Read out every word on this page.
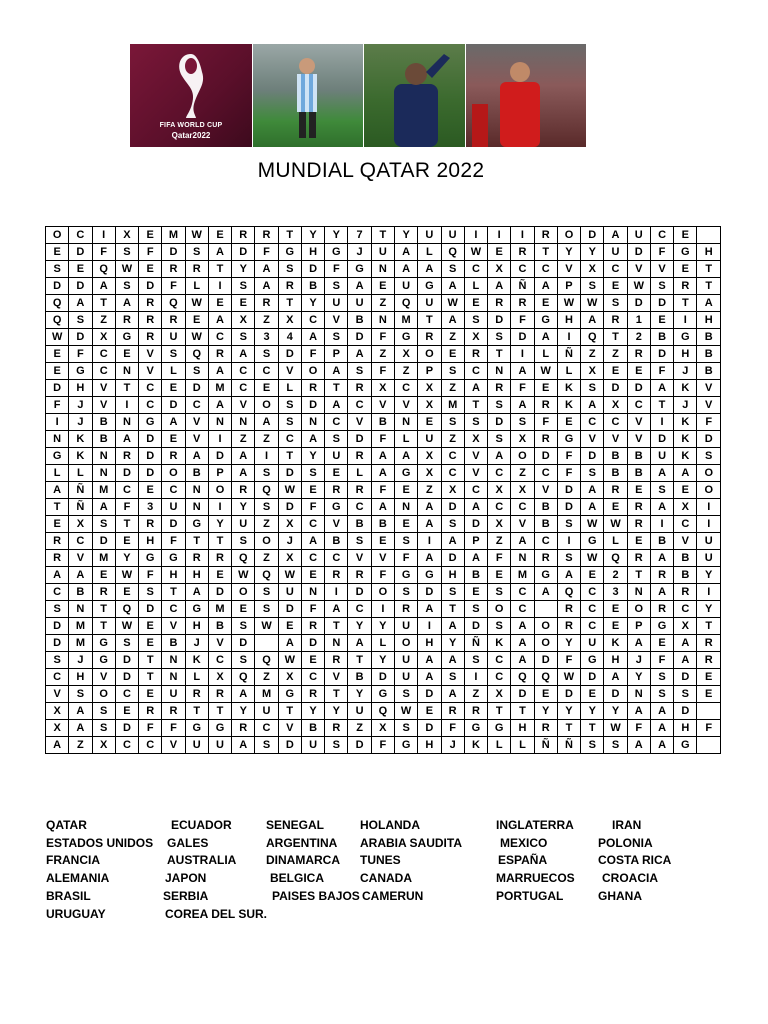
FIFA WORLD CUP
Qatar2022
MUNDIAL QATAR 2022
O	C	I	X	E	M	W	E	R	R	T	Y	Y	7	T	Y	U	U	I	I	I	R	O	D	A	U	C	E	
E	D	F	S	F	D	S	A	D	F	G	H	G	J	U	A	L	Q	W	E	R	T	Y	Y	U	D	F	G	H
S	E	Q	W	E	R	R	T	Y	A	S	D	F	G	N	A	A	S	C	X	C	C	V	X	C	V	V	E	T
D	D	A	S	D	F	L	I	S	A	R	B	S	A	E	U	G	A	L	A	Ñ	A	P	S	E	W	S	R	T
Q	A	T	A	R	Q	W	E	E	R	T	Y	U	U	Z	Q	U	W	E	R	R	E	W	W	S	D	D	T	A
Q	S	Z	R	R	R	E	A	X	Z	X	C	V	B	N	M	T	A	S	D	F	G	H	A	R	1	E	I	H
W	D	X	G	R	U	W	C	S	3	4	A	S	D	F	G	R	Z	X	S	D	A	I	Q	T	2	B	G	B
E	F	C	E	V	S	Q	R	A	S	D	F	P	A	Z	X	O	E	R	T	I	L	Ñ	Z	Z	R	D	H	B
E	G	C	N	V	L	S	A	C	C	V	O	A	S	F	Z	P	S	C	N	A	W	L	X	E	E	F	J	B
D	H	V	T	C	E	D	M	C	E	L	R	T	R	X	C	X	Z	A	R	F	E	K	S	D	D	A	K	V
F	J	V	I	C	D	C	A	V	O	S	D	A	C	V	V	X	M	T	S	A	R	K	A	X	C	T	J	V
I	J	B	N	G	A	V	N	N	A	S	N	C	V	B	N	E	S	S	D	S	F	E	C	C	V	I	K	F
N	K	B	A	D	E	V	I	Z	Z	C	A	S	D	F	L	U	Z	X	S	X	R	G	V	V	V	D	K	D
G	K	N	R	D	R	A	D	A	I	T	Y	U	R	A	A	X	C	V	A	O	D	F	D	B	B	U	K	S
L	L	N	D	D	O	B	P	A	S	D	S	E	L	A	G	X	C	V	C	Z	C	F	S	B	B	A	A	O
A	Ñ	M	C	E	C	N	O	R	Q	W	E	R	R	F	E	Z	X	C	X	X	V	D	A	R	E	S	E	O
T	Ñ	A	F	3	U	N	I	Y	S	D	F	G	C	A	N	A	D	A	C	C	B	D	A	E	R	A	X	I
E	X	S	T	R	D	G	Y	U	Z	X	C	V	B	B	E	A	S	D	X	V	B	S	W	W	R	I	C	I
R	C	D	E	H	F	T	T	S	O	J	A	B	S	E	S	I	A	P	Z	A	C	I	G	L	E	B	V	U
R	V	M	Y	G	G	R	R	Q	Z	X	C	C	V	V	F	A	D	A	F	N	R	S	W	Q	R	A	B	U
A	A	E	W	F	H	H	E	W	Q	W	E	R	R	F	G	G	H	B	E	M	G	A	E	2	T	R	B	Y
C	B	R	E	S	T	A	D	O	S	U	N	I	D	O	S	D	S	E	S	C	A	Q	C	3	N	A	R	I
S	N	T	Q	D	C	G	M	E	S	D	F	A	C	I	R	A	T	S	O	C		R	C	E	O	R	C	Y
D	M	T	W	E	V	H	B	S	W	E	R	T	Y	Y	U	I	A	D	S	A	O	R	C	E	P	G	X	T
D	M	G	S	E	B	J	V	D		A	D	N	A	L	O	H	Y	Ñ	K	A	O	Y	U	K	A	E	A	R
S	J	G	D	T	N	K	C	S	Q	W	E	R	T	Y	U	A	A	S	C	A	D	F	G	H	J	F	A	R
C	H	V	D	T	N	L	X	Q	Z	X	C	V	B	D	U	A	S	I	C	Q	Q	W	D	A	Y	S	D	E
V	S	O	C	E	U	R	R	A	M	G	R	T	Y	G	S	D	A	Z	X	D	E	D	E	D	N	S	S	E
X	A	S	E	R	R	T	T	Y	U	T	Y	Y	U	Q	W	E	R	R	T	T	Y	Y	Y	Y	A	A	D	
X	A	S	D	F	F	G	G	R	C	V	B	R	Z	X	S	D	F	G	G	H	R	T	T	W	F	A	H	F
A	Z	X	C	C	V	U	U	A	S	D	U	S	D	F	G	H	J	K	L	L	Ñ	Ñ	S	S	A	A	G	
QATAR
ESTADOS UNIDOS
FRANCIA
ALEMANIA
BRASIL
URUGUAY
ECUADOR
GALES
AUSTRALIA
JAPON
SERBIA
COREA DEL SUR.
SENEGAL
ARGENTINA
DINAMARCA
BELGICA
PAISES BAJOS
HOLANDA
ARABIA SAUDITA
TUNES
CANADA
CAMERUN
INGLATERRA
MEXICO
ESPAÑA
MARRUECOS
PORTUGAL
IRAN
POLONIA
COSTA RICA
CROACIA
GHANA
